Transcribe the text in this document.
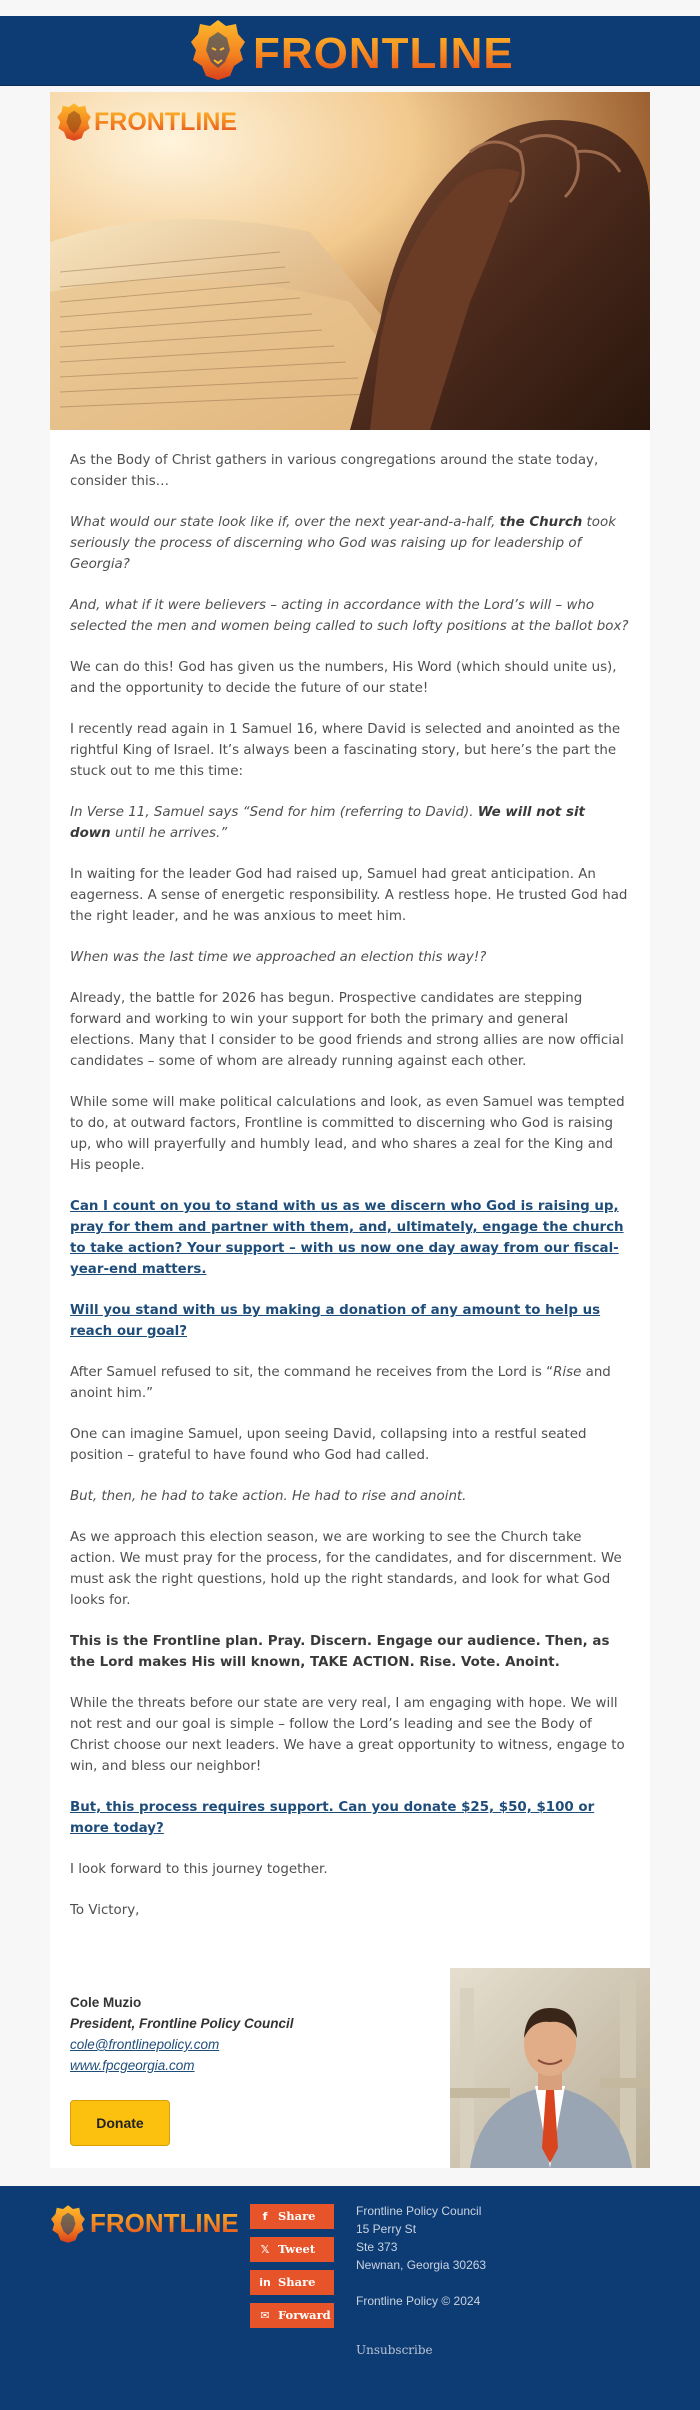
FRONTLINE
FRONTLINE

As the Body of Christ gathers in various congregations around the state today, consider this…

What would our state look like if, over the next year-and-a-half, the Church took seriously the process of discerning who God was raising up for leadership of Georgia?

And, what if it were believers – acting in accordance with the Lord’s will – who selected the men and women being called to such lofty positions at the ballot box?

We can do this! God has given us the numbers, His Word (which should unite us), and the opportunity to decide the future of our state!

I recently read again in 1 Samuel 16, where David is selected and anointed as the rightful King of Israel. It’s always been a fascinating story, but here’s the part the stuck out to me this time:

In Verse 11, Samuel says “Send for him (referring to David). We will not sit down until he arrives.”

In waiting for the leader God had raised up, Samuel had great anticipation. An eagerness. A sense of energetic responsibility. A restless hope. He trusted God had the right leader, and he was anxious to meet him.

When was the last time we approached an election this way!?

Already, the battle for 2026 has begun. Prospective candidates are stepping forward and working to win your support for both the primary and general elections. Many that I consider to be good friends and strong allies are now official candidates – some of whom are already running against each other.

While some will make political calculations and look, as even Samuel was tempted to do, at outward factors, Frontline is committed to discerning who God is raising up, who will prayerfully and humbly lead, and who shares a zeal for the King and His people.

Can I count on you to stand with us as we discern who God is raising up, pray for them and partner with them, and, ultimately, engage the church to take action? Your support – with us now one day away from our fiscal-year-end matters.

Will you stand with us by making a donation of any amount to help us reach our goal?

After Samuel refused to sit, the command he receives from the Lord is “Rise and anoint him.”

One can imagine Samuel, upon seeing David, collapsing into a restful seated position – grateful to have found who God had called.

But, then, he had to take action. He had to rise and anoint.

As we approach this election season, we are working to see the Church take action. We must pray for the process, for the candidates, and for discernment. We must ask the right questions, hold up the right standards, and look for what God looks for.

This is the Frontline plan. Pray. Discern. Engage our audience. Then, as the Lord makes His will known, TAKE ACTION. Rise. Vote. Anoint.

While the threats before our state are very real, I am engaging with hope. We will not rest and our goal is simple – follow the Lord’s leading and see the Body of Christ choose our next leaders. We have a great opportunity to witness, engage to win, and bless our neighbor!

But, this process requires support. Can you donate $25, $50, $100 or more today?

I look forward to this journey together.

To Victory,

Cole Muzio
President, Frontline Policy Council
cole@frontlinepolicy.com
www.fpcgeorgia.com
Donate
FRONTLINE	f Share
𝕏 Tweet
in Share
✉ Forward
Frontline Policy Council
15 Perry St
Ste 373
Newnan, Georgia 30263
Frontline Policy © 2024
Unsubscribe
